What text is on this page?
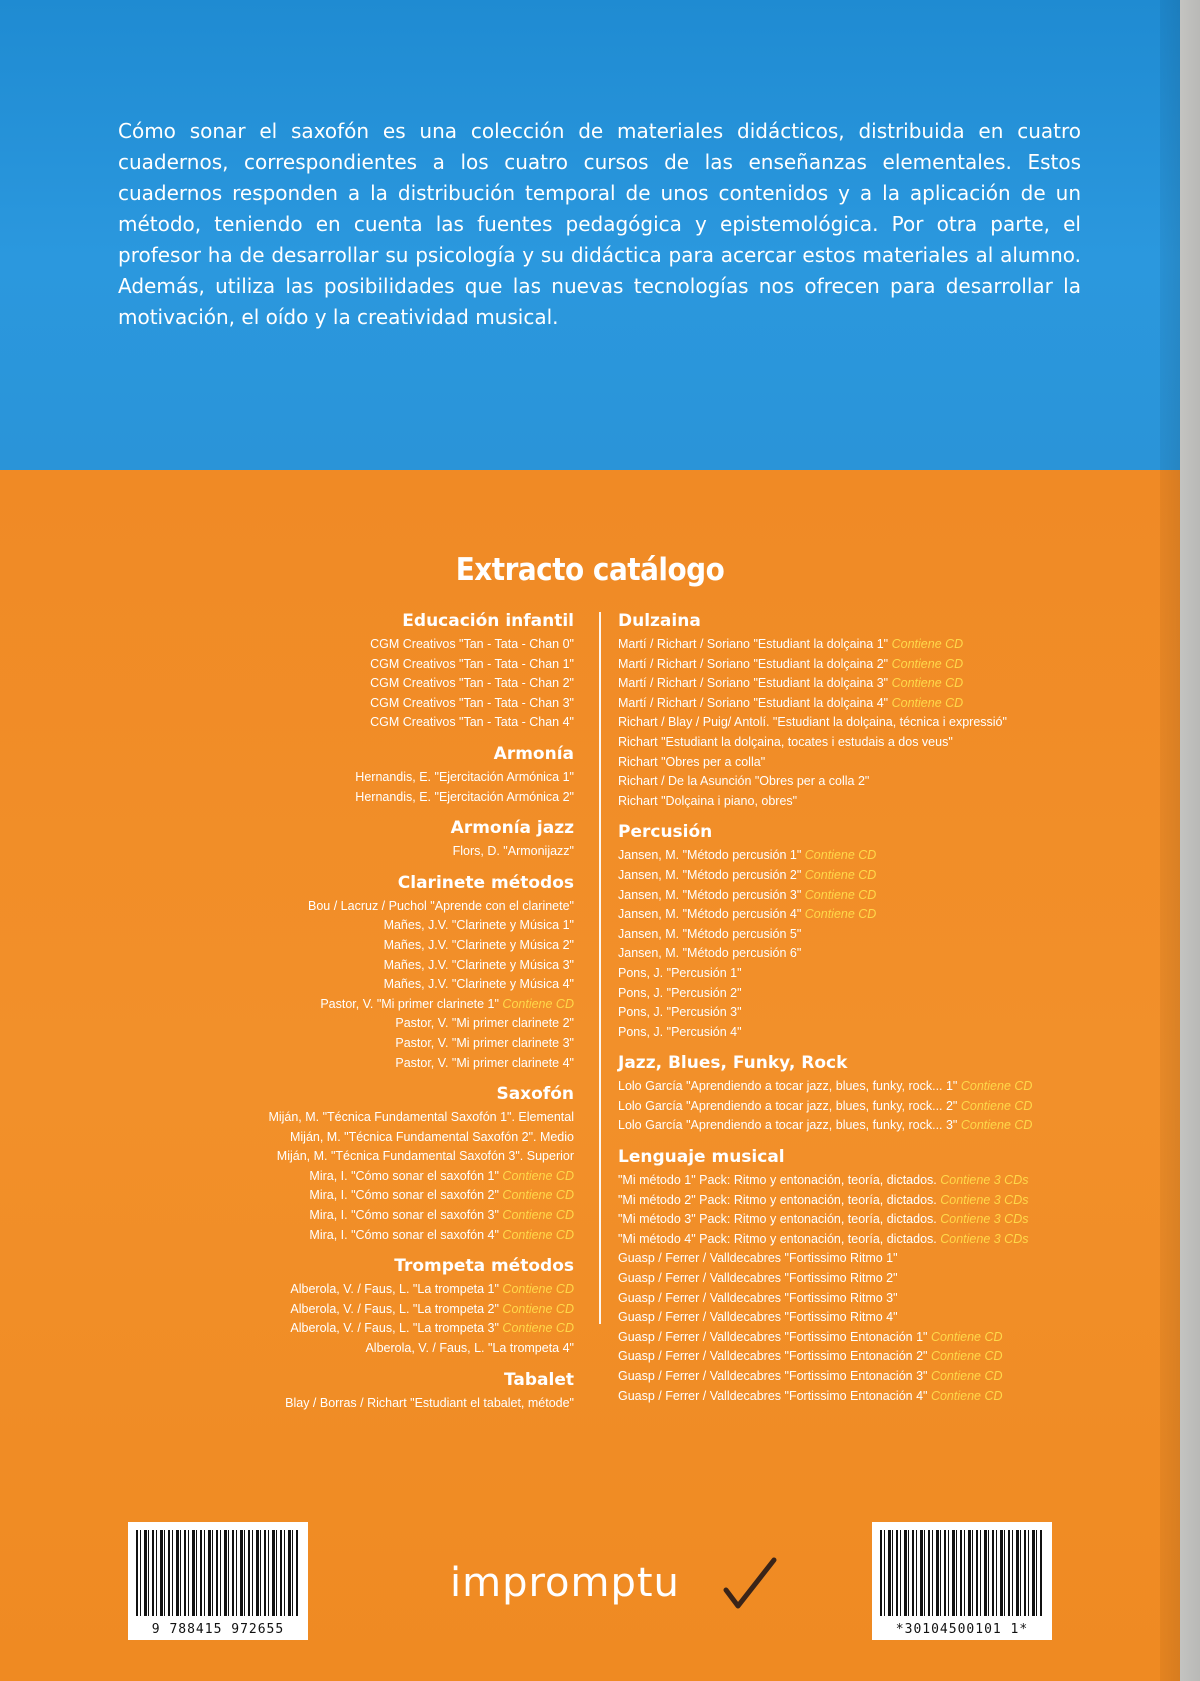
Cómo sonar el saxofón es una colección de materiales didácticos, distribuida en cuatro cuadernos, correspondientes a los cuatro cursos de las enseñanzas elementales. Estos cuadernos responden a la distribución temporal de unos contenidos y a la aplicación de un método, teniendo en cuenta las fuentes pedagógica y epistemológica. Por otra parte, el profesor ha de desarrollar su psicología y su didáctica para acercar estos materiales al alumno. Además, utiliza las posibilidades que las nuevas tecnologías nos ofrecen para desarrollar la motivación, el oído y la creatividad musical.

Extracto catálogo
Educación infantil
CGM Creativos "Tan - Tata - Chan 0"
CGM Creativos "Tan - Tata - Chan 1"
CGM Creativos "Tan - Tata - Chan 2"
CGM Creativos "Tan - Tata - Chan 3"
CGM Creativos "Tan - Tata - Chan 4"
Armonía
Hernandis, E. "Ejercitación Armónica 1"
Hernandis, E. "Ejercitación Armónica 2"
Armonía jazz
Flors, D. "Armonijazz"
Clarinete métodos
Bou / Lacruz / Puchol "Aprende con el clarinete"
Mañes, J.V. "Clarinete y Música 1"
Mañes, J.V. "Clarinete y Música 2"
Mañes, J.V. "Clarinete y Música 3"
Mañes, J.V. "Clarinete y Música 4"
Pastor, V. "Mi primer clarinete 1" Contiene CD
Pastor, V. "Mi primer clarinete 2"
Pastor, V. "Mi primer clarinete 3"
Pastor, V. "Mi primer clarinete 4"
Saxofón
Miján, M. "Técnica Fundamental Saxofón 1". Elemental
Miján, M. "Técnica Fundamental Saxofón 2". Medio
Miján, M. "Técnica Fundamental Saxofón 3". Superior
Mira, I. "Cómo sonar el saxofón 1" Contiene CD
Mira, I. "Cómo sonar el saxofón 2" Contiene CD
Mira, I. "Cómo sonar el saxofón 3" Contiene CD
Mira, I. "Cómo sonar el saxofón 4" Contiene CD
Trompeta métodos
Alberola, V. / Faus, L. "La trompeta 1" Contiene CD
Alberola, V. / Faus, L. "La trompeta 2" Contiene CD
Alberola, V. / Faus, L. "La trompeta 3" Contiene CD
Alberola, V. / Faus, L. "La trompeta 4"
Tabalet
Blay / Borras / Richart "Estudiant el tabalet, métode"
Dulzaina
Martí / Richart / Soriano "Estudiant la dolçaina 1" Contiene CD
Martí / Richart / Soriano "Estudiant la dolçaina 2" Contiene CD
Martí / Richart / Soriano "Estudiant la dolçaina 3" Contiene CD
Martí / Richart / Soriano "Estudiant la dolçaina 4" Contiene CD
Richart / Blay / Puig/ Antolí. "Estudiant la dolçaina, técnica i expressió"
Richart "Estudiant la dolçaina, tocates i estudais a dos veus"
Richart "Obres per a colla"
Richart / De la Asunción "Obres per a colla 2"
Richart "Dolçaina i piano, obres"
Percusión
Jansen, M. "Método percusión 1" Contiene CD
Jansen, M. "Método percusión 2" Contiene CD
Jansen, M. "Método percusión 3" Contiene CD
Jansen, M. "Método percusión 4" Contiene CD
Jansen, M. "Método percusión 5"
Jansen, M. "Método percusión 6"
Pons, J. "Percusión 1"
Pons, J. "Percusión 2"
Pons, J. "Percusión 3"
Pons, J. "Percusión 4"
Jazz, Blues, Funky, Rock
Lolo García "Aprendiendo a tocar jazz, blues, funky, rock... 1" Contiene CD
Lolo García "Aprendiendo a tocar jazz, blues, funky, rock... 2" Contiene CD
Lolo García "Aprendiendo a tocar jazz, blues, funky, rock... 3" Contiene CD
Lenguaje musical
"Mi método 1" Pack: Ritmo y entonación, teoría, dictados. Contiene 3 CDs
"Mi método 2" Pack: Ritmo y entonación, teoría, dictados. Contiene 3 CDs
"Mi método 3" Pack: Ritmo y entonación, teoría, dictados. Contiene 3 CDs
"Mi método 4" Pack: Ritmo y entonación, teoría, dictados. Contiene 3 CDs
Guasp / Ferrer / Valldecabres "Fortissimo Ritmo 1"
Guasp / Ferrer / Valldecabres "Fortissimo Ritmo 2"
Guasp / Ferrer / Valldecabres "Fortissimo Ritmo 3"
Guasp / Ferrer / Valldecabres "Fortissimo Ritmo 4"
Guasp / Ferrer / Valldecabres "Fortissimo Entonación 1" Contiene CD
Guasp / Ferrer / Valldecabres "Fortissimo Entonación 2" Contiene CD
Guasp / Ferrer / Valldecabres "Fortissimo Entonación 3" Contiene CD
Guasp / Ferrer / Valldecabres "Fortissimo Entonación 4" Contiene CD
9 788415 972655
impromptu
*30104500101 1*
